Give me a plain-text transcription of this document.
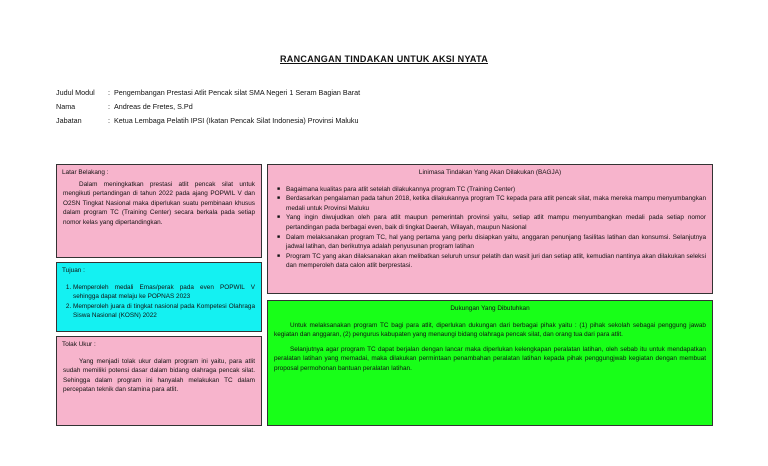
RANCANGAN TINDAKAN UNTUK AKSI NYATA
Judul Modul : Pengembangan Prestasi Atlit Pencak silat SMA Negeri 1 Seram Bagian Barat
Nama	: Andreas de Fretes, S.Pd
Jabatan	: Ketua Lembaga Pelatih IPSI (Ikatan Pencak Silat Indonesia) Provinsi Maluku
Latar Belakang :

Dalam meningkatkan prestasi atlit pencak silat untuk mengikuti pertandingan di tahun 2022 pada ajang POPWIL V dan O2SN Tingkat Nasional maka diperlukan suatu pembinaan khusus dalam program TC (Training Center) secara berkala pada setiap nomor kelas yang dipertandingkan.

Tujuan :
1. Memperoleh medali Emas/perak pada even POPWIL V sehingga dapat melaju ke POPNAS 2023
2. Memperoleh juara di tingkat nasional pada Kompetesi Olahraga Siswa Nasional (KOSN) 2022
Tolak Ukur :

Yang menjadi tolak ukur dalam program ini yaitu, para atlit sudah memiliki potensi dasar dalam bidang olahraga pencak silat. Sehingga dalam program ini hanyalah melakukan TC dalam percepatan teknik dan stamina para atlit.

Linimasa Tindakan Yang Akan Dilakukan (BAGJA)
■ Bagaimana kualitas para atlit setelah dilakukannya program TC (Training Center)
■ Berdasarkan pengalaman pada tahun 2018, ketika dilakukannya program TC kepada para atlit pencak silat, maka mereka mampu menyumbangkan medali untuk Provinsi Maluku
■ Yang ingin diwujudkan oleh para atlit maupun pemerintah provinsi yaitu, setiap atlit mampu menyumbangkan medali pada setiap nomor pertandingan pada berbagai even, baik di tingkat Daerah, Wilayah, maupun Nasional
■ Dalam melaksanakan program TC, hal yang pertama yang perlu disiapkan yaitu, anggaran penunjang fasilitas latihan dan konsumsi. Selanjutnya jadwal latihan, dan berikutnya adalah penyusunan program latihan
■ Program TC yang akan dilaksanakan akan melibatkan seluruh unsur pelatih dan wasit juri dan setiap atlit, kemudian nantinya akan dilakukan seleksi dan memperoleh data calon atlit berprestasi.
Dukungan Yang Dibutuhkan

Untuk melaksanakan program TC bagi para atlit, diperlukan dukungan dari berbagai pihak yaitu : (1) pihak sekolah sebagai penggung jawab kegiatan dan anggaran, (2) pengurus kabupaten yang menaungi bidang olahraga pencak silat, dan orang tua dari para atlit.

Selanjutnya agar program TC dapat berjalan dengan lancar maka diperlukan kelengkapan peralatan latihan, oleh sebab itu untuk mendapatkan peralatan latihan yang memadai, maka dilakukan permintaan penambahan peralatan latihan kepada pihak penggungjwab kegiatan dengan membuat proposal permohonan bantuan peralatan latihan.
